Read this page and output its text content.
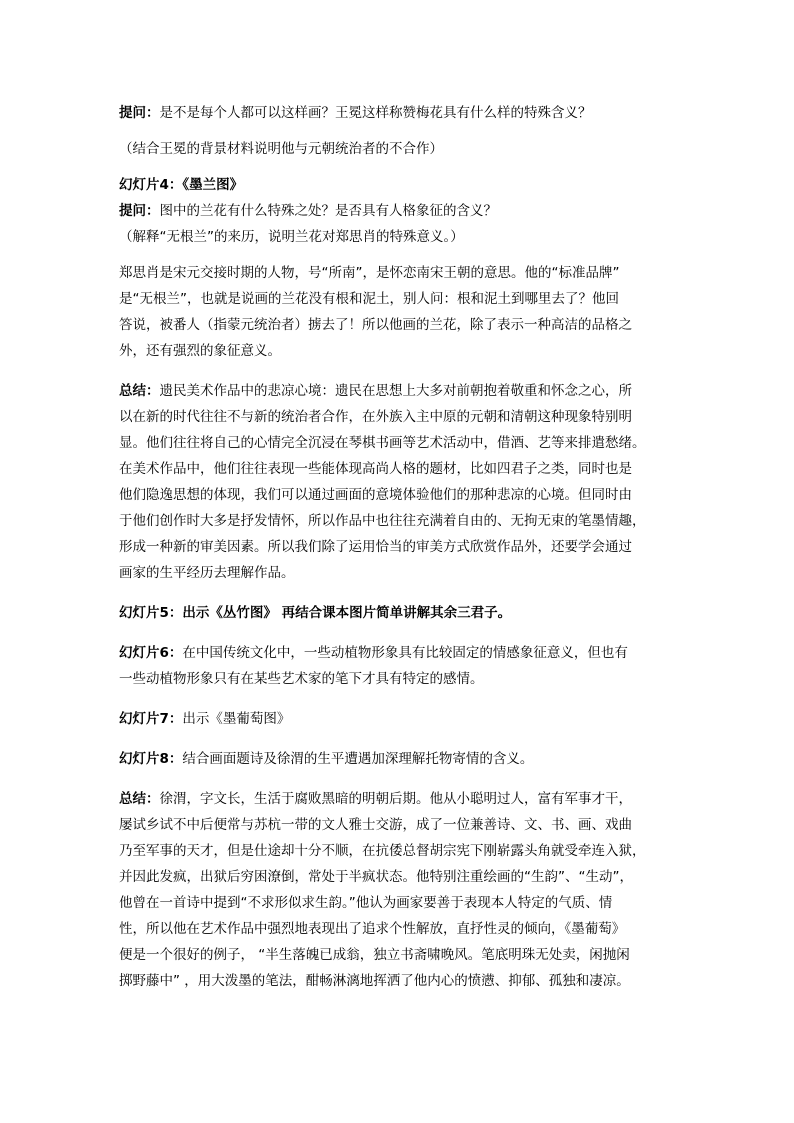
提问：是不是每个人都可以这样画？王冕这样称赞梅花具有什么样的特殊含义？

（结合王冕的背景材料说明他与元朝统治者的不合作）

幻灯片4：《墨兰图》

提问：图中的兰花有什么特殊之处？是否具有人格象征的含义？

（解释“无根兰”的来历，说明兰花对郑思肖的特殊意义。）

郑思肖是宋元交接时期的人物，号“所南”，是怀恋南宋王朝的意思。他的“标准品牌”
是“无根兰”，也就是说画的兰花没有根和泥土，别人问：根和泥土到哪里去了？他回
答说，被番人（指蒙元统治者）掳去了！所以他画的兰花，除了表示一种高洁的品格之
外，还有强烈的象征意义。

总结：遗民美术作品中的悲凉心境：遗民在思想上大多对前朝抱着敬重和怀念之心，所
以在新的时代往往不与新的统治者合作，在外族入主中原的元朝和清朝这种现象特别明
显。他们往往将自己的心情完全沉浸在琴棋书画等艺术活动中，借酒、艺等来排遣愁绪。
在美术作品中，他们往往表现一些能体现高尚人格的题材，比如四君子之类，同时也是
他们隐逸思想的体现，我们可以通过画面的意境体验他们的那种悲凉的心境。但同时由
于他们创作时大多是抒发情怀，所以作品中也往往充满着自由的、无拘无束的笔墨情趣，
形成一种新的审美因素。所以我们除了运用恰当的审美方式欣赏作品外，还要学会通过
画家的生平经历去理解作品。

幻灯片5：出示《丛竹图》 再结合课本图片简单讲解其余三君子。

幻灯片6：在中国传统文化中，一些动植物形象具有比较固定的情感象征意义，但也有
一些动植物形象只有在某些艺术家的笔下才具有特定的感情。

幻灯片7：出示《墨葡萄图》

幻灯片8：结合画面题诗及徐渭的生平遭遇加深理解托物寄情的含义。

总结：徐渭，字文长，生活于腐败黑暗的明朝后期。他从小聪明过人，富有军事才干，
屡试乡试不中后便常与苏杭一带的文人雅士交游，成了一位兼善诗、文、书、画、戏曲
乃至军事的天才，但是仕途却十分不顺，在抗倭总督胡宗宪下刚崭露头角就受牵连入狱，
并因此发疯，出狱后穷困潦倒，常处于半疯状态。他特别注重绘画的“生韵”、“生动”，
他曾在一首诗中提到“不求形似求生韵。”他认为画家要善于表现本人特定的气质、情
性，所以他在艺术作品中强烈地表现出了追求个性解放，直抒性灵的倾向，《墨葡萄》
便是一个很好的例子， “半生落魄已成翁，独立书斋啸晚风。笔底明珠无处卖，闲抛闲
掷野藤中” ，用大泼墨的笔法，酣畅淋漓地挥洒了他内心的愤懑、抑郁、孤独和凄凉。
